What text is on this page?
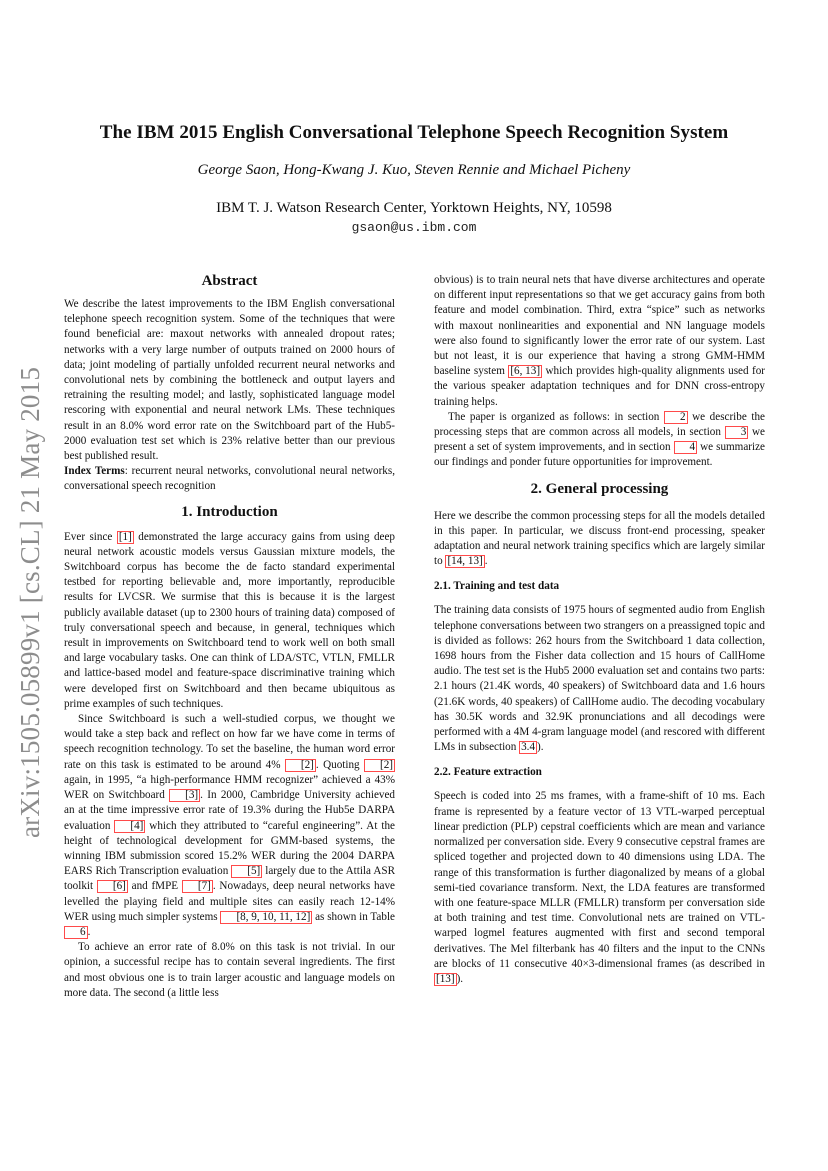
arXiv:1505.05899v1 [cs.CL] 21 May 2015
The IBM 2015 English Conversational Telephone Speech Recognition System
George Saon, Hong-Kwang J. Kuo, Steven Rennie and Michael Picheny
IBM T. J. Watson Research Center, Yorktown Heights, NY, 10598
gsaon@us.ibm.com
Abstract

We describe the latest improvements to the IBM English conversational telephone speech recognition system. Some of the techniques that were found beneficial are: maxout networks with annealed dropout rates; networks with a very large number of outputs trained on 2000 hours of data; joint modeling of partially unfolded recurrent neural networks and convolutional nets by combining the bottleneck and output layers and retraining the resulting model; and lastly, sophisticated language model rescoring with exponential and neural network LMs. These techniques result in an 8.0% word error rate on the Switchboard part of the Hub5-2000 evaluation test set which is 23% relative better than our previous best published result.

Index Terms: recurrent neural networks, convolutional neural networks, conversational speech recognition

1. Introduction

Ever since [1] demonstrated the large accuracy gains from using deep neural network acoustic models versus Gaussian mixture models, the Switchboard corpus has become the de facto standard experimental testbed for reporting believable and, more importantly, reproducible results for LVCSR. We surmise that this is because it is the largest publicly available dataset (up to 2300 hours of training data) composed of truly conversational speech and because, in general, techniques which result in improvements on Switchboard tend to work well on both small and large vocabulary tasks. One can think of LDA/STC, VTLN, FMLLR and lattice-based model and feature-space discriminative training which were developed first on Switchboard and then became ubiquitous as prime examples of such techniques.

Since Switchboard is such a well-studied corpus, we thought we would take a step back and reflect on how far we have come in terms of speech recognition technology. To set the baseline, the human word error rate on this task is estimated to be around 4% [2] . Quoting [2] again, in 1995, “a high-performance HMM recognizer” achieved a 43% WER on Switchboard [3] . In 2000, Cambridge University achieved an at the time impressive error rate of 19.3% during the Hub5e DARPA evaluation [4] which they attributed to “careful engineering”. At the height of technological development for GMM-based systems, the winning IBM submission scored 15.2% WER during the 2004 DARPA EARS Rich Transcription evaluation [5] largely due to the Attila ASR toolkit [6] and fMPE [7] . Nowadays, deep neural networks have levelled the playing field and multiple sites can easily reach 12-14% WER using much simpler systems [8, 9, 10, 11, 12] as shown in Table 6 .

To achieve an error rate of 8.0% on this task is not trivial. In our opinion, a successful recipe has to contain several ingredients. The first and most obvious one is to train larger acoustic and language models on more data. The second (a little less

obvious) is to train neural nets that have diverse architectures and operate on different input representations so that we get accuracy gains from both feature and model combination. Third, extra “spice” such as networks with maxout nonlinearities and exponential and NN language models were also found to significantly lower the error rate of our system. Last but not least, it is our experience that having a strong GMM-HMM baseline system [6, 13] which provides high-quality alignments used for the various speaker adaptation techniques and for DNN cross-entropy training helps.

The paper is organized as follows: in section 2 we describe the processing steps that are common across all models, in section 3 we present a set of system improvements, and in section 4 we summarize our findings and ponder future opportunities for improvement.

2. General processing

Here we describe the common processing steps for all the models detailed in this paper. In particular, we discuss front-end processing, speaker adaptation and neural network training specifics which are largely similar to [14, 13] .

2.1. Training and test data

The training data consists of 1975 hours of segmented audio from English telephone conversations between two strangers on a preassigned topic and is divided as follows: 262 hours from the Switchboard 1 data collection, 1698 hours from the Fisher data collection and 15 hours of CallHome audio. The test set is the Hub5 2000 evaluation set and contains two parts: 2.1 hours (21.4K words, 40 speakers) of Switchboard data and 1.6 hours (21.6K words, 40 speakers) of CallHome audio. The decoding vocabulary has 30.5K words and 32.9K pronunciations and all decodings were performed with a 4M 4-gram language model (and rescored with different LMs in subsection 3.4 ).

2.2. Feature extraction

Speech is coded into 25 ms frames, with a frame-shift of 10 ms. Each frame is represented by a feature vector of 13 VTL-warped perceptual linear prediction (PLP) cepstral coefficients which are mean and variance normalized per conversation side. Every 9 consecutive cepstral frames are spliced together and projected down to 40 dimensions using LDA. The range of this transformation is further diagonalized by means of a global semi-tied covariance transform. Next, the LDA features are transformed with one feature-space MLLR (FMLLR) transform per conversation side at both training and test time. Convolutional nets are trained on VTL-warped logmel features augmented with first and second temporal derivatives. The Mel filterbank has 40 filters and the input to the CNNs are blocks of 11 consecutive 40×3-dimensional frames (as described in [13] ).
